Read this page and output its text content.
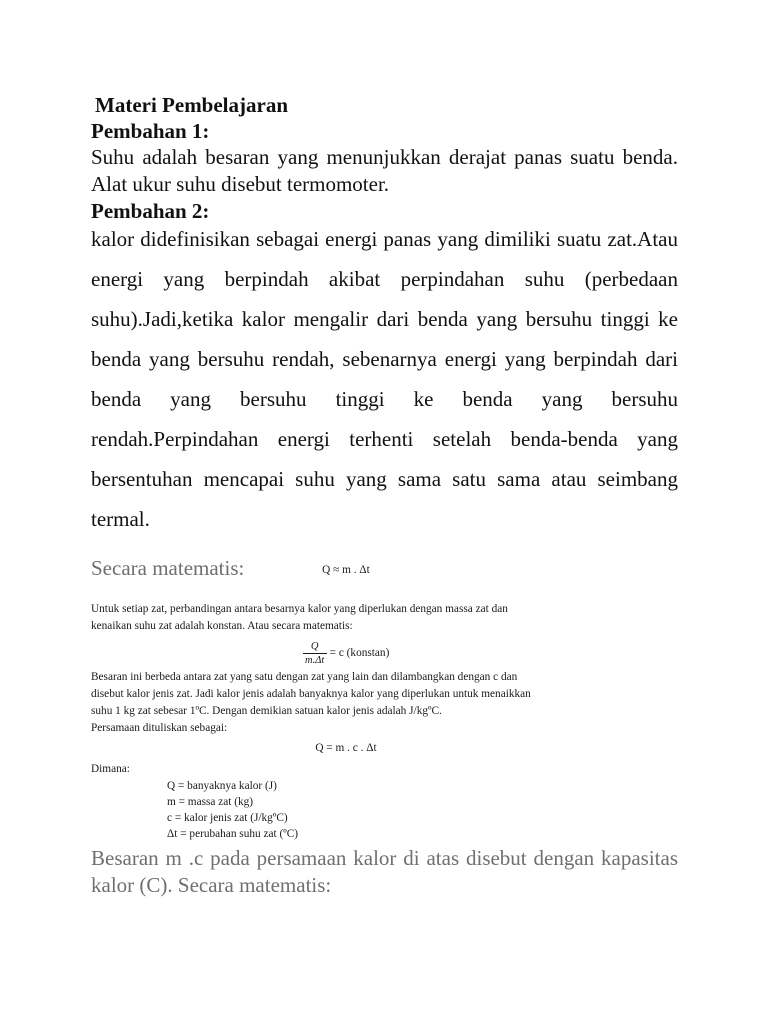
Materi Pembelajaran

Pembahan 1:

Suhu adalah besaran yang menunjukkan derajat panas suatu benda. Alat ukur suhu disebut termomoter.

Pembahan 2:

kalor didefinisikan sebagai energi panas yang dimiliki suatu zat.Atau energi yang berpindah akibat perpindahan suhu (perbedaan suhu).Jadi,ketika kalor mengalir dari benda yang bersuhu tinggi ke benda yang bersuhu rendah, sebenarnya energi yang berpindah dari benda yang bersuhu tinggi ke benda yang bersuhu rendah.Perpindahan energi terhenti setelah benda-benda yang bersentuhan mencapai suhu yang sama satu sama atau seimbang termal.

Secara matematis:	Q ≈ m . Δt
Untuk setiap zat, perbandingan antara besarnya kalor yang diperlukan dengan massa zat dan
kenaikan suhu zat adalah konstan. Atau secara matematis:
$\frac{Q}{m.\Delta t} = c$ (konstan)
Besaran ini berbeda antara zat yang satu dengan zat yang lain dan dilambangkan dengan c dan
disebut kalor jenis zat. Jadi kalor jenis adalah banyaknya kalor yang diperlukan untuk menaikkan
suhu 1 kg zat sebesar 1ºC. Dengan demikian satuan kalor jenis adalah J/kgºC.
Persamaan dituliskan sebagai:
Q = m . c . Δt
Dimana:
Q = banyaknya kalor (J)
m = massa zat (kg)
c = kalor jenis zat (J/kgºC)
Δt = perubahan suhu zat (ºC)

Besaran m .c pada persamaan kalor di atas disebut dengan kapasitas kalor (C). Secara matematis:
